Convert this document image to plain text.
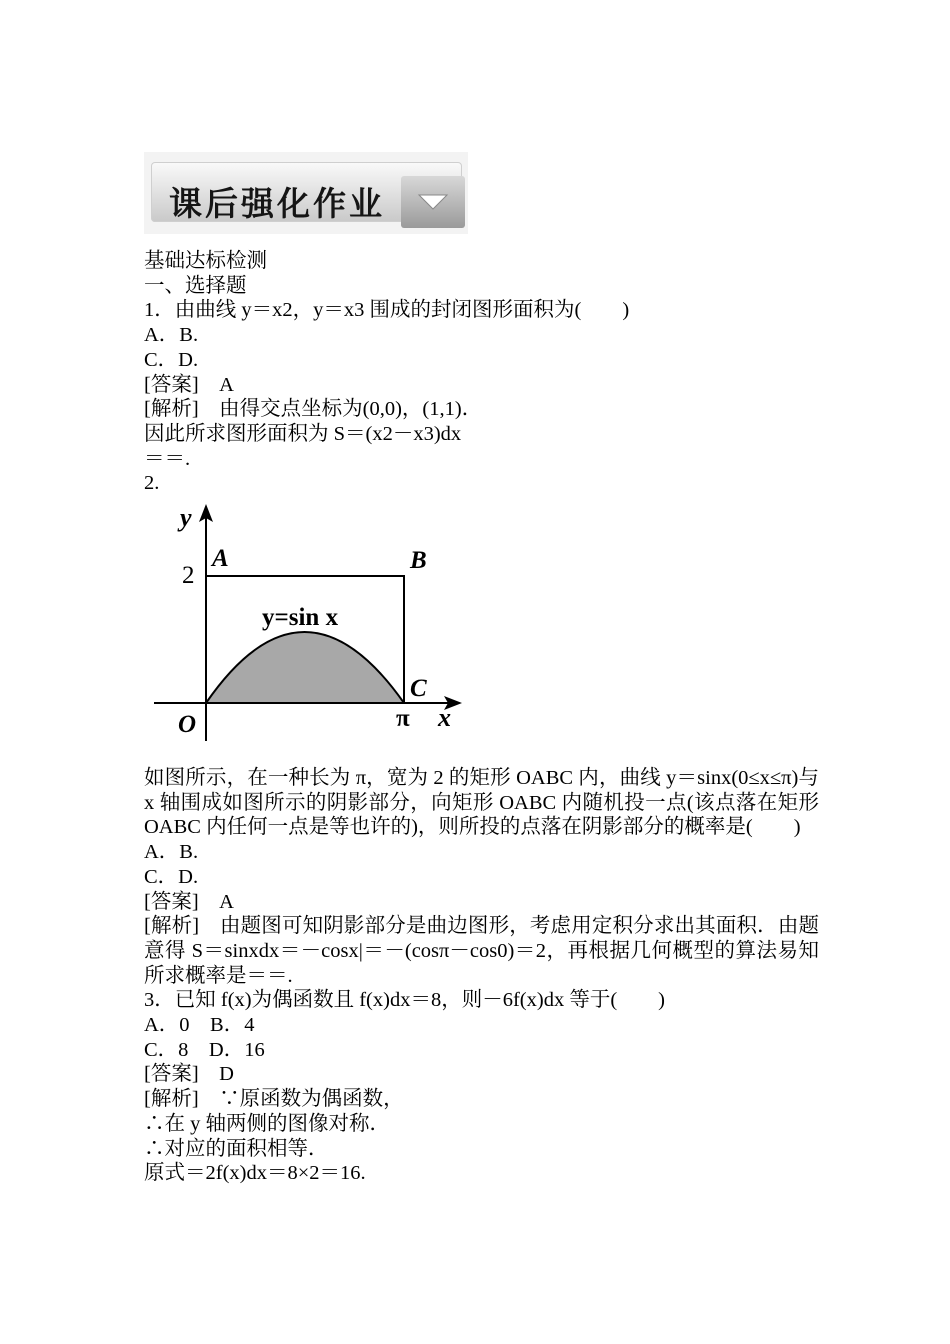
课后强化作业
基础达标检测
一、选择题
1．由曲线 y＝x2，y＝x3 围成的封闭图形面积为(　　)
A．B.
C．D.
[答案]　A
[解析]　由得交点坐标为(0,0)，(1,1)．
因此所求图形面积为 S＝(x2－x3)dx
＝＝.
2.
y
A
2
B
y=sin x
C
O	π x
如图所示，在一种长为 π，宽为 2 的矩形 OABC 内，曲线 y＝sinx(0≤x≤π)与 x 轴围成如图所示的阴影部分，向矩形 OABC 内随机投一点(该点落在矩形 OABC 内任何一点是等也许的)，则所投的点落在阴影部分的概率是(　　)
A．B.
C．D.
[答案]　A
[解析]　由题图可知阴影部分是曲边图形，考虑用定积分求出其面积．由题意得 S＝sinxdx＝－cosx|＝－(cosπ－cos0)＝2，再根据几何概型的算法易知所求概率是＝＝.
3．已知 f(x)为偶函数且 f(x)dx＝8，则－6f(x)dx 等于(　　)
A．0　B．4
C．8　D．16
[答案]　D
[解析]　∵原函数为偶函数，
∴在 y 轴两侧的图像对称．
∴对应的面积相等．
原式＝2f(x)dx＝8×2＝16.
